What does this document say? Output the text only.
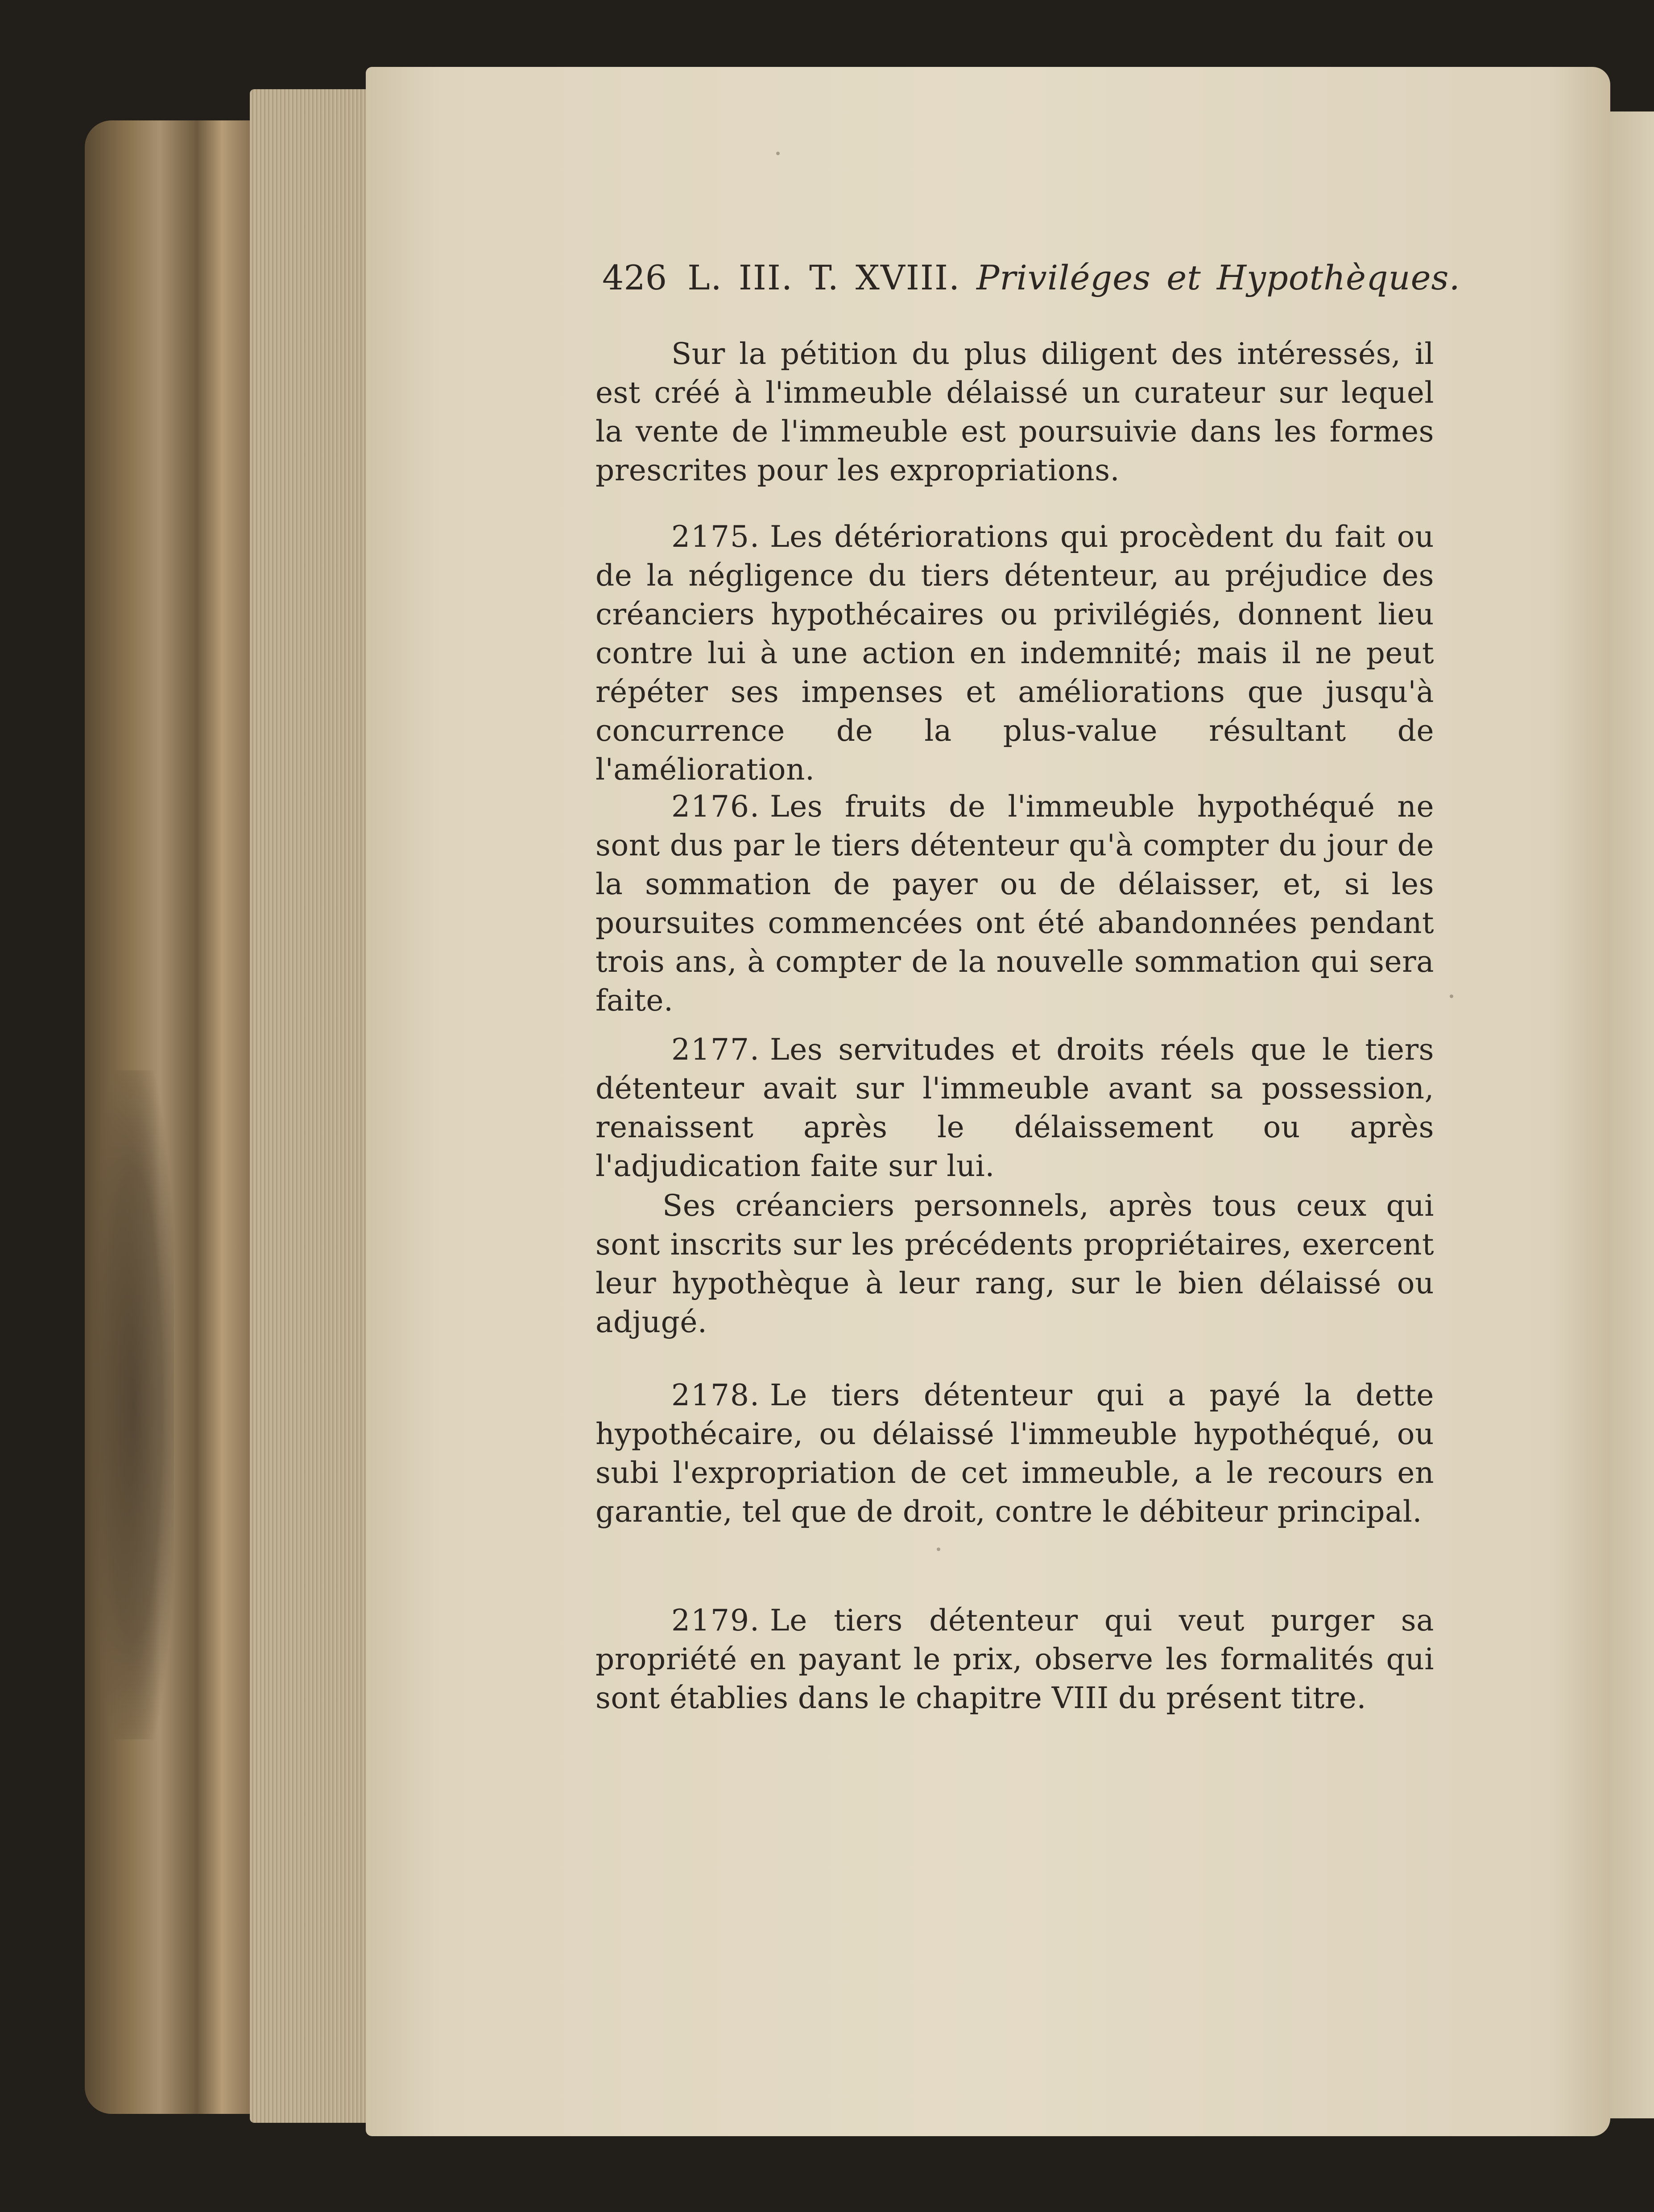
426 L. III. T. XVIII. Priviléges et Hypothèques.

Sur la pétition du plus diligent des intéressés, il est créé à l'immeuble délaissé un curateur sur lequel la vente de l'immeuble est poursuivie dans les formes prescrites pour les expropriations.

2175. Les détériorations qui procèdent du fait ou de la négligence du tiers détenteur, au préjudice des créanciers hypothécaires ou privilégiés, donnent lieu contre lui à une action en indemnité; mais il ne peut répéter ses impenses et améliorations que jusqu'à concurrence de la plus-value résultant de l'amélioration.

2176. Les fruits de l'immeuble hypothéqué ne sont dus par le tiers détenteur qu'à compter du jour de la sommation de payer ou de délaisser, et, si les poursuites commencées ont été abandonnées pendant trois ans, à compter de la nouvelle sommation qui sera faite.

2177. Les servitudes et droits réels que le tiers détenteur avait sur l'immeuble avant sa possession, renaissent après le délaissement ou après l'adjudication faite sur lui.

Ses créanciers personnels, après tous ceux qui sont inscrits sur les précédents propriétaires, exercent leur hypothèque à leur rang, sur le bien délaissé ou adjugé.

2178. Le tiers détenteur qui a payé la dette hypothécaire, ou délaissé l'immeuble hypothéqué, ou subi l'expropriation de cet immeuble, a le recours en garantie, tel que de droit, contre le débiteur principal.

2179. Le tiers détenteur qui veut purger sa propriété en payant le prix, observe les formalités qui sont établies dans le chapitre VIII du présent titre.
